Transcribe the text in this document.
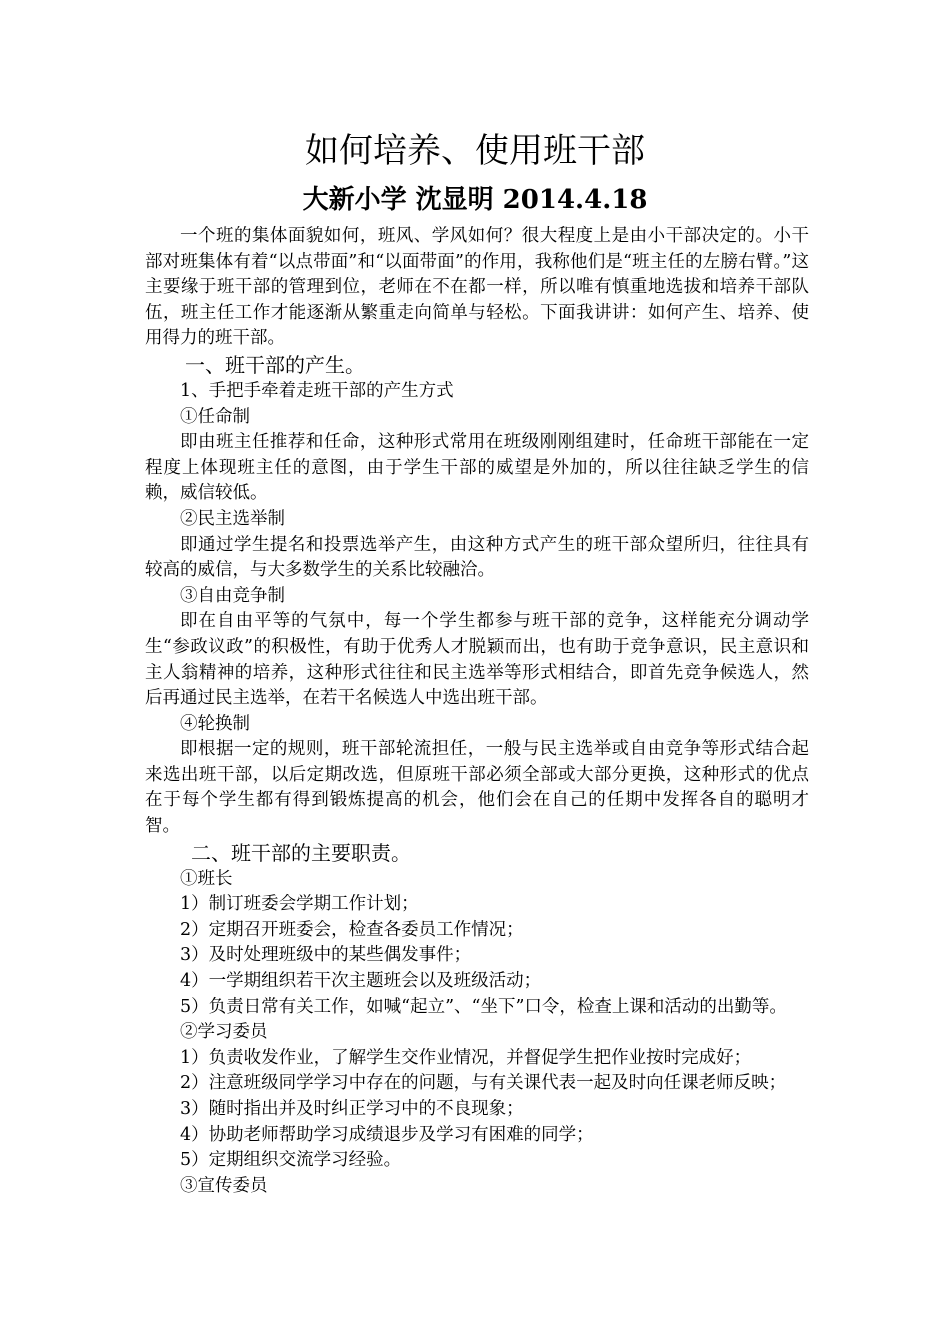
如何培养、使用班干部
大新小学 沈显明 2014.4.18

一个班的集体面貌如何，班风、学风如何？很大程度上是由小干部决定的。小干部对班集体有着“以点带面”和“以面带面”的作用，我称他们是“班主任的左膀右臂。”这主要缘于班干部的管理到位，老师在不在都一样，所以唯有慎重地选拔和培养干部队伍，班主任工作才能逐渐从繁重走向简单与轻松。下面我讲讲：如何产生、培养、使用得力的班干部。

一、班干部的产生。

1、手把手牵着走班干部的产生方式

①任命制

即由班主任推荐和任命，这种形式常用在班级刚刚组建时，任命班干部能在一定程度上体现班主任的意图，由于学生干部的威望是外加的，所以往往缺乏学生的信赖，威信较低。

②民主选举制

即通过学生提名和投票选举产生，由这种方式产生的班干部众望所归，往往具有较高的威信，与大多数学生的关系比较融洽。

③自由竞争制

即在自由平等的气氛中，每一个学生都参与班干部的竞争，这样能充分调动学生“参政议政”的积极性，有助于优秀人才脱颖而出，也有助于竞争意识，民主意识和主人翁精神的培养，这种形式往往和民主选举等形式相结合，即首先竞争候选人，然后再通过民主选举，在若干名候选人中选出班干部。

④轮换制

即根据一定的规则，班干部轮流担任，一般与民主选举或自由竞争等形式结合起来选出班干部，以后定期改选，但原班干部必须全部或大部分更换，这种形式的优点在于每个学生都有得到锻炼提高的机会，他们会在自己的任期中发挥各自的聪明才智。

二、班干部的主要职责。

①班长

1）制订班委会学期工作计划；

2）定期召开班委会，检查各委员工作情况；

3）及时处理班级中的某些偶发事件；

4）一学期组织若干次主题班会以及班级活动；

5）负责日常有关工作，如喊“起立”、“坐下”口令，检查上课和活动的出勤等。

②学习委员

1）负责收发作业，了解学生交作业情况，并督促学生把作业按时完成好；

2）注意班级同学学习中存在的问题，与有关课代表一起及时向任课老师反映；

3）随时指出并及时纠正学习中的不良现象；

4）协助老师帮助学习成绩退步及学习有困难的同学；

5）定期组织交流学习经验。

③宣传委员
